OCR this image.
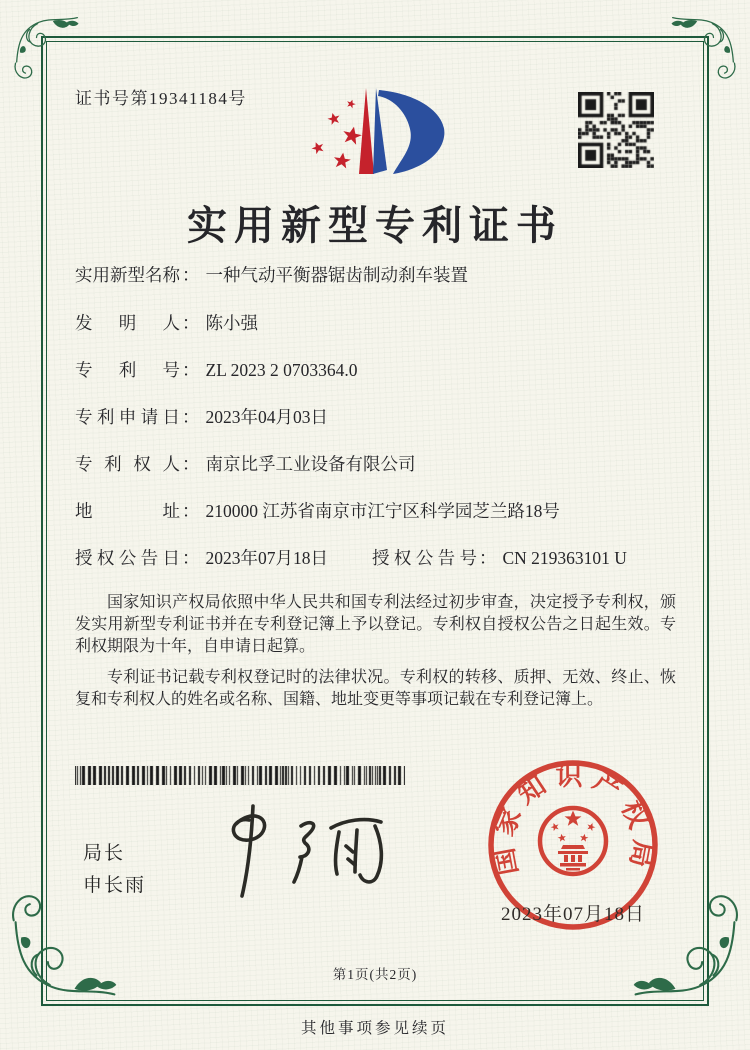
证书号第19341184号
实用新型专利证书
实用新型名称 ： 一种气动平衡器锯齿制动刹车装置
发明人 ： 陈小强
专利号 ： ZL 2023 2 0703364.0
专利申请日 ： 2023年04月03日
专利权人 ： 南京比孚工业设备有限公司
地址 ： 210000 江苏省南京市江宁区科学园芝兰路18号
授权公告日 ： 2023年07月18日	授权公告号 ： CN 219363101 U

国家知识产权局依照中华人民共和国专利法经过初步审查，决定授予专利权，颁发实用新型专利证书并在专利登记簿上予以登记。专利权自授权公告之日起生效。专利权期限为十年，自申请日起算。

专利证书记载专利权登记时的法律状况。专利权的转移、质押、无效、终止、恢复和专利权人的姓名或名称、国籍、地址变更等事项记载在专利登记簿上。

局长
申长雨
国家知识产权局
2023年07月18日
第1页(共2页)
其他事项参见续页
